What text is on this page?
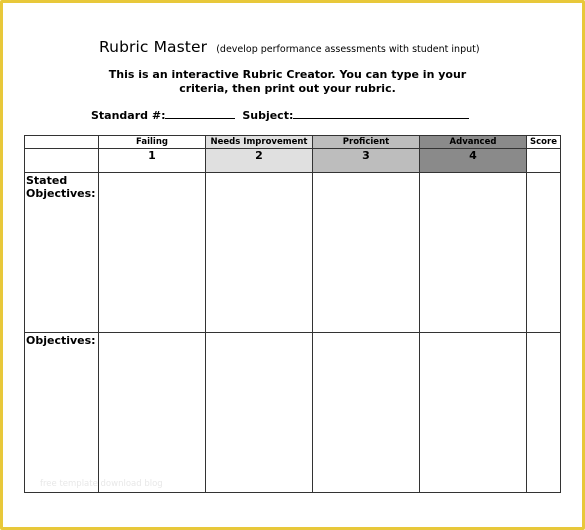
Rubric Master (develop performance assessments with student input)
This is an interactive Rubric Creator. You can type in your
criteria, then print out your rubric.
Standard #:	Subject:
	Failing	Needs Improvement	Proficient	Advanced	Score
	1	2	3	4	
Stated Objectives:					
Objectives:					
free template download blog
